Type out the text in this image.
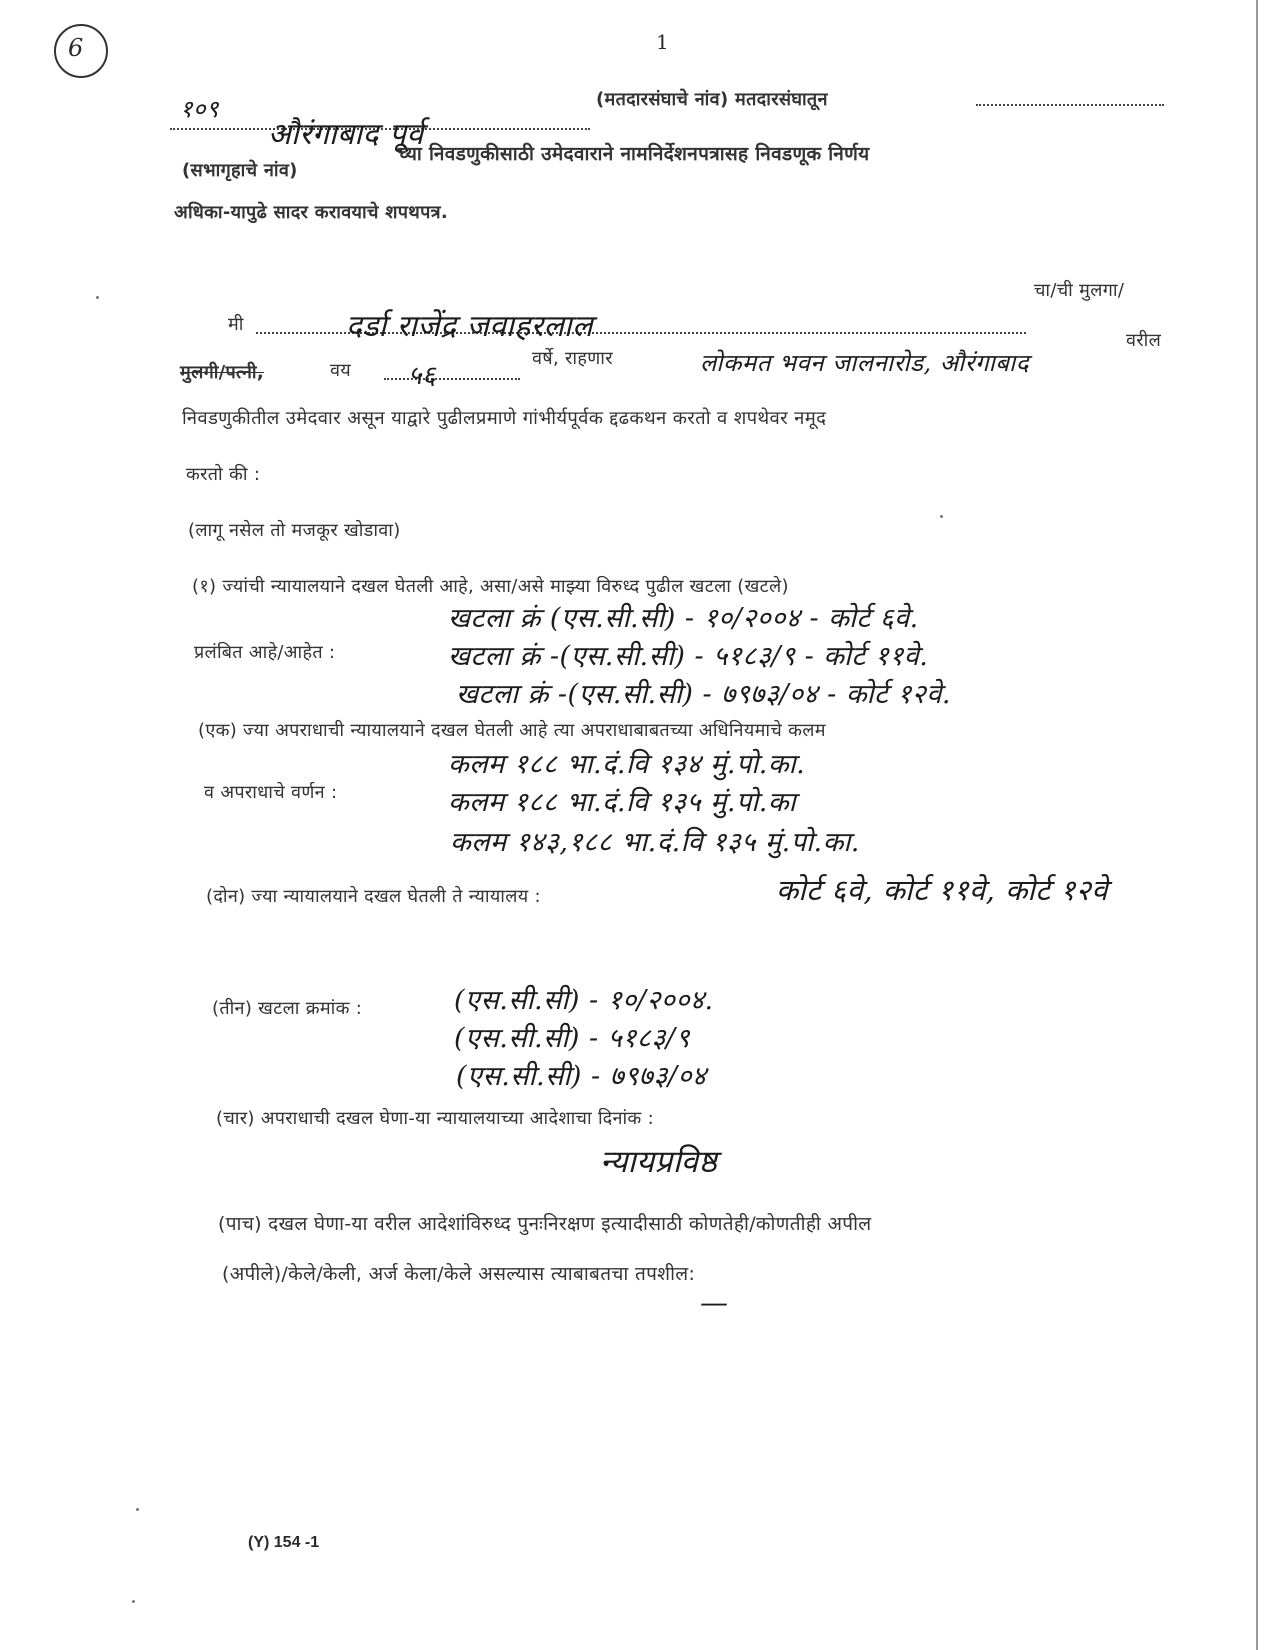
6	1
१०९
औरंगाबाद पूर्व
(मतदारसंघाचे नांव) मतदारसंघातून
(सभागृहाचे नांव)
च्या निवडणुकीसाठी उमेदवाराने नामनिर्देशनपत्रासह निवडणूक निर्णय
अधिका-यापुढे सादर करावयाचे शपथपत्र.
मी	दर्डा राजेंद्र जवाहरलाल
चा/ची मुलगा/
मुलगी/पत्नी,	वय ५६
वर्षे, राहणार	लोकमत भवन जालनारोड, औरंगाबाद
वरील
निवडणुकीतील उमेदवार असून याद्वारे पुढीलप्रमाणे गांभीर्यपूर्वक द्दढकथन करतो व शपथेवर नमूद
करतो की :
(लागू नसेल तो मजकूर खोडावा)
(१) ज्यांची न्यायालयाने दखल घेतली आहे, असा/असे माझ्या विरुध्द पुढील खटला (खटले)
प्रलंबित आहे/आहेत :
खटला क्रं (एस.सी.सी) - १०/२००४ - कोर्ट ६वे.
खटला क्रं -(एस.सी.सी) - ५१८३/९ - कोर्ट ११वे.
खटला क्रं -(एस.सी.सी) - ७९७३/०४ - कोर्ट १२वे.
(एक) ज्या अपराधाची न्यायालयाने दखल घेतली आहे त्या अपराधाबाबतच्या अधिनियमाचे कलम
व अपराधाचे वर्णन :
कलम १८८ भा.दं.वि १३४ मुं.पो.का.
कलम १८८ भा.दं.वि १३५ मुं.पो.का
कलम १४३,१८८ भा.दं.वि १३५ मुं.पो.का.
(दोन) ज्या न्यायालयाने दखल घेतली ते न्यायालय :	कोर्ट ६वे, कोर्ट ११वे, कोर्ट १२वे
(तीन) खटला क्रमांक :	(एस.सी.सी) - १०/२००४.
(एस.सी.सी) - ५१८३/९
(एस.सी.सी) - ७९७३/०४
(चार) अपराधाची दखल घेणा-या न्यायालयाच्या आदेशाचा दिनांक :
न्यायप्रविष्ठ
(पाच) दखल घेणा-या वरील आदेशांविरुध्द पुनःनिरक्षण इत्यादीसाठी कोणतेही/कोणतीही अपील
(अपीले)/केले/केली, अर्ज केला/केले असल्यास त्याबाबतचा तपशील:
—
(Y) 154 -1
